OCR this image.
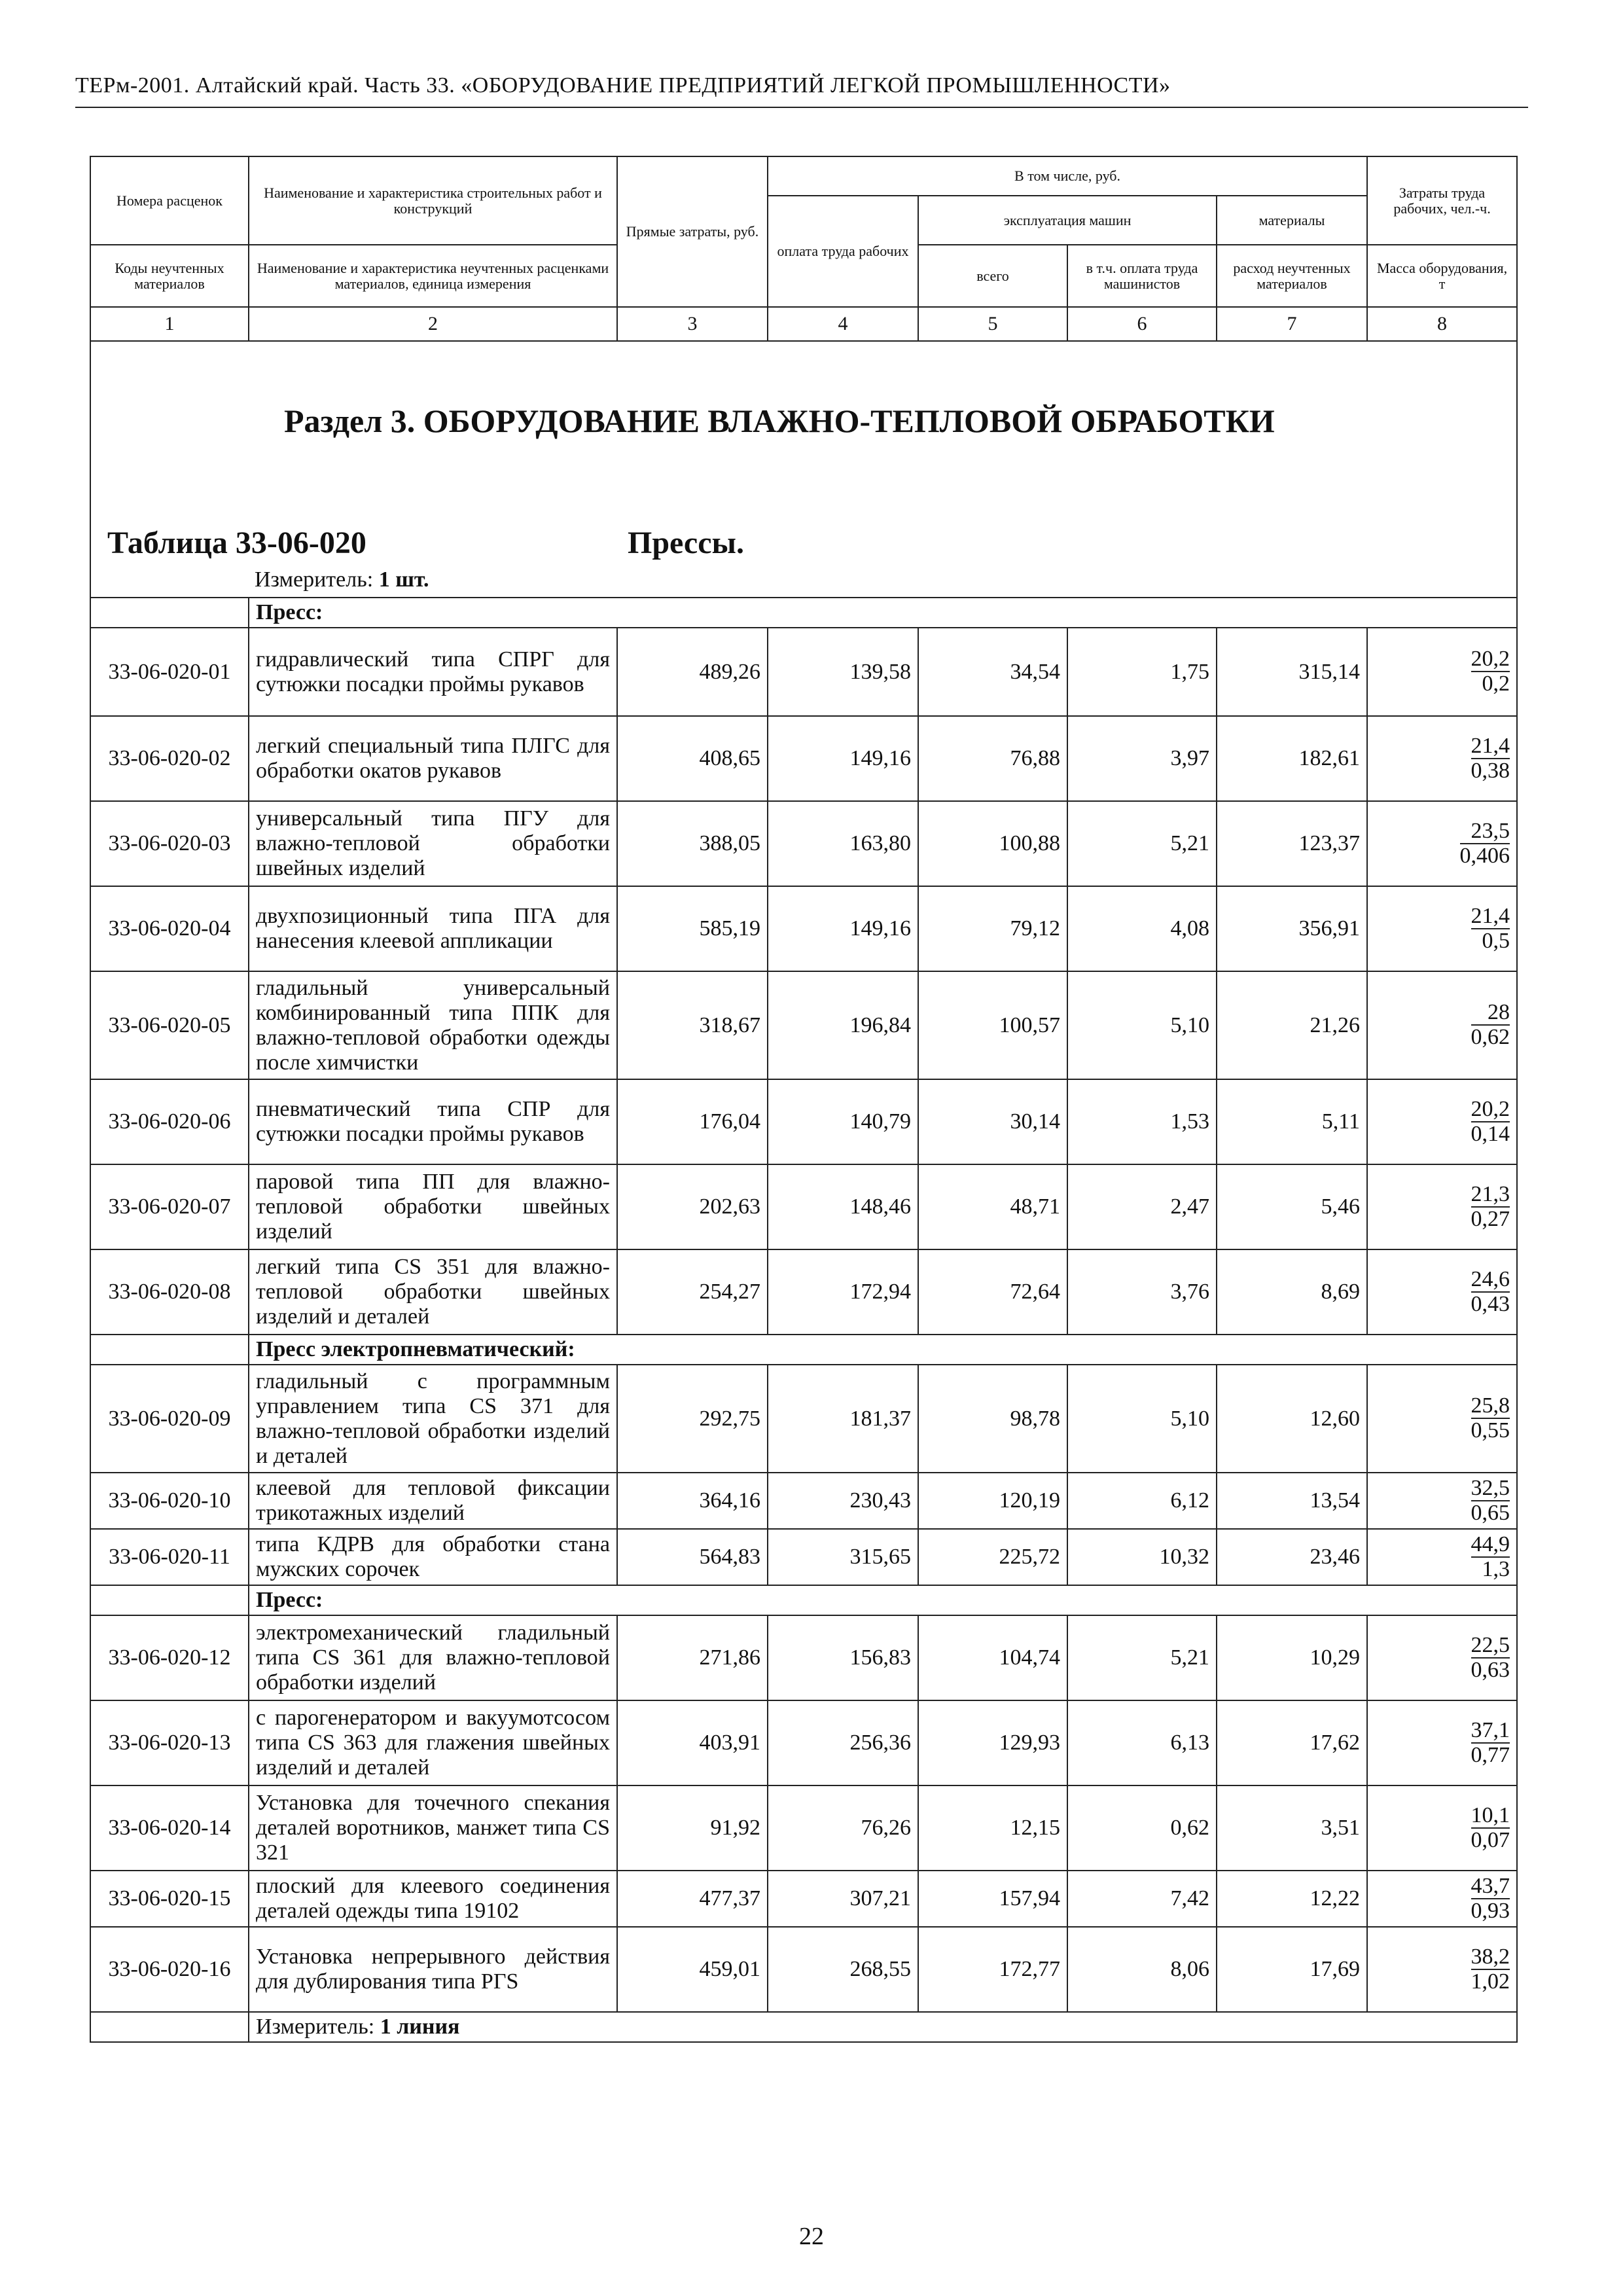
ТЕРм-2001. Алтайский край. Часть 33. «ОБОРУДОВАНИЕ ПРЕДПРИЯТИЙ ЛЕГКОЙ ПРОМЫШЛЕННОСТИ»
Номера расценок	Наименование и характеристика строительных работ и конструкций	Прямые затраты, руб.	В том числе, руб.				Затраты труда рабочих, чел.-ч.
			оплата труда рабочих	эксплуатация машин		материалы	
Коды неучтенных материалов	Наименование и характеристика неучтенных расценками материалов, единица измерения			всего	в т.ч. оплата труда машинистов	расход неучтенных материалов	Масса оборудования, т

1	2	3	4	5	6	7	8

Раздел 3. ОБОРУДОВАНИЕ ВЛАЖНО-ТЕПЛОВОЙ ОБРАБОТКИ
Таблица 33-06-020 Прессы.
Измеритель: 1 шт.							

	Пресс:						
33-06-020-01	гидравлический типа СПРГ для сутюжки посадки проймы рукавов	489,26	139,58	34,54	1,75	315,14	$\frac{20,2}{0,2}$

33-06-020-02	легкий специальный типа ПЛГС для обработки окатов рукавов	408,65	149,16	76,88	3,97	182,61	$\frac{21,4}{0,38}$

33-06-020-03	универсальный типа ПГУ для влажно-тепловой обработки швейных изделий	388,05	163,80	100,88	5,21	123,37	$\frac{23,5}{0,406}$

33-06-020-04	двухпозиционный типа ПГА для нанесения клеевой аппликации	585,19	149,16	79,12	4,08	356,91	$\frac{21,4}{0,5}$

33-06-020-05	гладильный универсальный комбинированный типа ППК для влажно-тепловой обработки одежды после химчистки	318,67	196,84	100,57	5,10	21,26	$\frac{28}{0,62}$

33-06-020-06	пневматический типа СПР для сутюжки посадки проймы рукавов	176,04	140,79	30,14	1,53	5,11	$\frac{20,2}{0,14}$

33-06-020-07	паровой типа ПП для влажно-тепловой обработки швейных изделий	202,63	148,46	48,71	2,47	5,46	$\frac{21,3}{0,27}$

33-06-020-08	легкий типа CS 351 для влажно-тепловой обработки швейных изделий и деталей	254,27	172,94	72,64	3,76	8,69	$\frac{24,6}{0,43}$

	Пресс электропневматический:						
33-06-020-09	гладильный с программным управлением типа CS 371 для влажно-тепловой обработки изделий и деталей	292,75	181,37	98,78	5,10	12,60	$\frac{25,8}{0,55}$

33-06-020-10	клеевой для тепловой фиксации трикотажных изделий	364,16	230,43	120,19	6,12	13,54	$\frac{32,5}{0,65}$

33-06-020-11	типа КДРВ для обработки стана мужских сорочек	564,83	315,65	225,72	10,32	23,46	$\frac{44,9}{1,3}$

	Пресс:						
33-06-020-12	электромеханический гладильный типа CS 361 для влажно-тепловой обработки изделий	271,86	156,83	104,74	5,21	10,29	$\frac{22,5}{0,63}$

33-06-020-13	с парогенератором и вакуумотсосом типа CS 363 для глажения швейных изделий и деталей	403,91	256,36	129,93	6,13	17,62	$\frac{37,1}{0,77}$

33-06-020-14	Установка для точечного спекания деталей воротников, манжет типа CS 321	91,92	76,26	12,15	0,62	3,51	$\frac{10,1}{0,07}$

33-06-020-15	плоский для клеевого соединения деталей одежды типа 19102	477,37	307,21	157,94	7,42	12,22	$\frac{43,7}{0,93}$

33-06-020-16	Установка непрерывного действия для дублирования типа PГS	459,01	268,55	172,77	8,06	17,69	$\frac{38,2}{1,02}$

	Измеритель: 1 линия						
22
